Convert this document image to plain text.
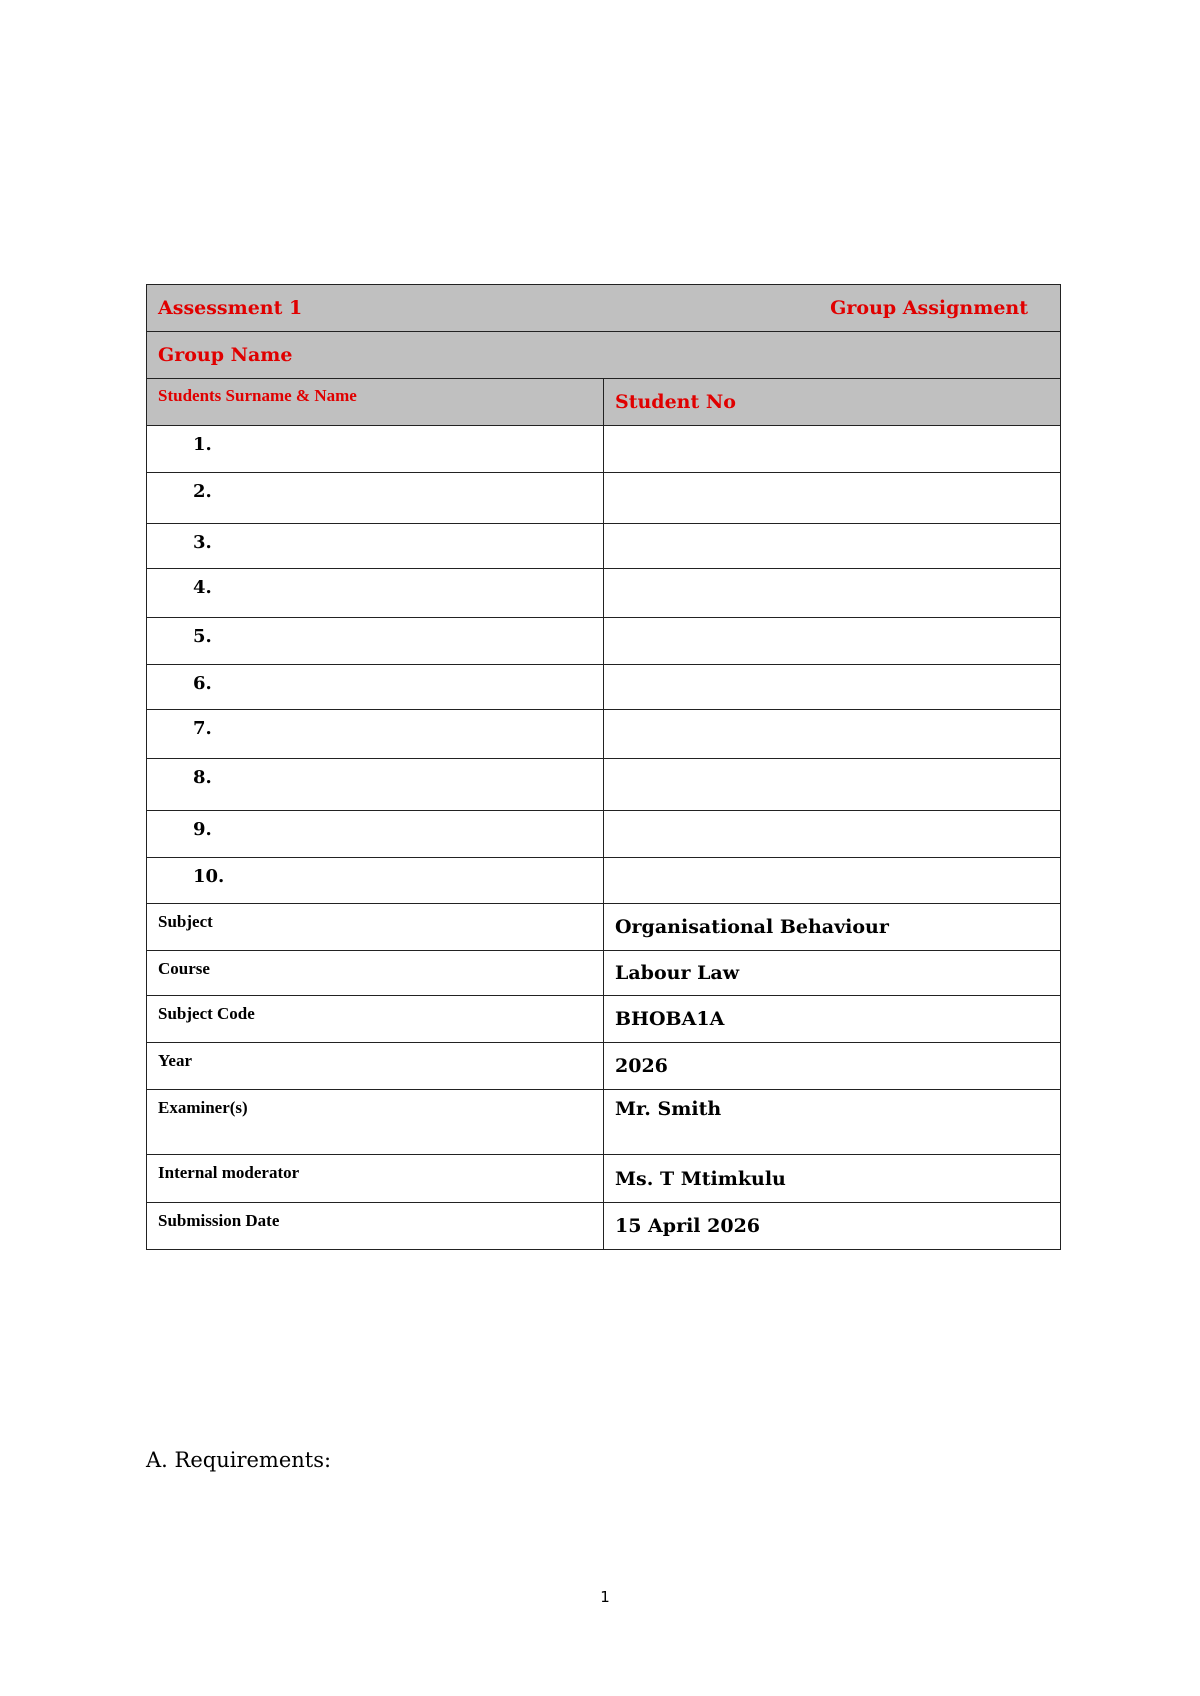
Assessment 1 Group Assignment	

Group Name	
Students Surname & Name	Student No
1.	
2.	
3.	
4.	
5.	
6.	
7.	
8.	
9.	
10.	
Subject	Organisational Behaviour
Course	Labour Law
Subject Code	BHOBA1A
Year	2026
Examiner(s)	Mr. Smith
Internal moderator	Ms. T Mtimkulu
Submission Date	15 April 2026
A. Requirements:
1
